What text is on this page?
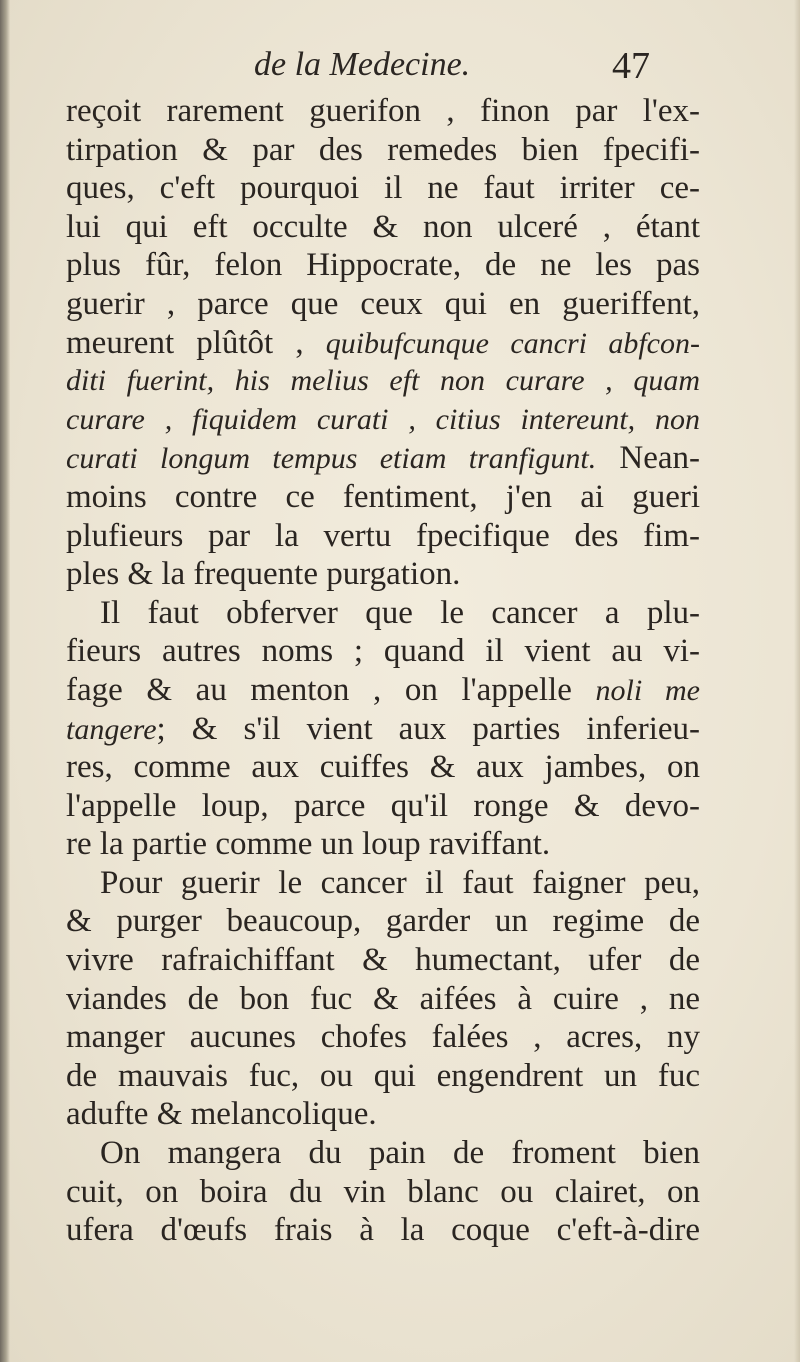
de la Medecine.	47
reçoit rarement guerifon , finon par l'ex-
tirpation & par des remedes bien fpecifi-
ques, c'eft pourquoi il ne faut irriter ce-
lui qui eft occulte & non ulceré , étant
plus fûr, felon Hippocrate, de ne les pas
guerir , parce que ceux qui en gueriffent,
meurent plûtôt , quibufcunque cancri abfcon-
diti fuerint, his melius eft non curare , quam
curare , fiquidem curati , citius intereunt, non
curati longum tempus etiam tranfigunt. Nean-
moins contre ce fentiment, j'en ai gueri
plufieurs par la vertu fpecifique des fim-
ples & la frequente purgation.
Il faut obferver que le cancer a plu-
fieurs autres noms ; quand il vient au vi-
fage & au menton , on l'appelle noli me
tangere; & s'il vient aux parties inferieu-
res, comme aux cuiffes & aux jambes, on
l'appelle loup, parce qu'il ronge & devo-
re la partie comme un loup raviffant.
Pour guerir le cancer il faut faigner peu,
& purger beaucoup, garder un regime de
vivre rafraichiffant & humectant, ufer de
viandes de bon fuc & aifées à cuire , ne
manger aucunes chofes falées , acres, ny
de mauvais fuc, ou qui engendrent un fuc
adufte & melancolique.
On mangera du pain de froment bien
cuit, on boira du vin blanc ou clairet, on
ufera d'œufs frais à la coque c'eft-à-dire
